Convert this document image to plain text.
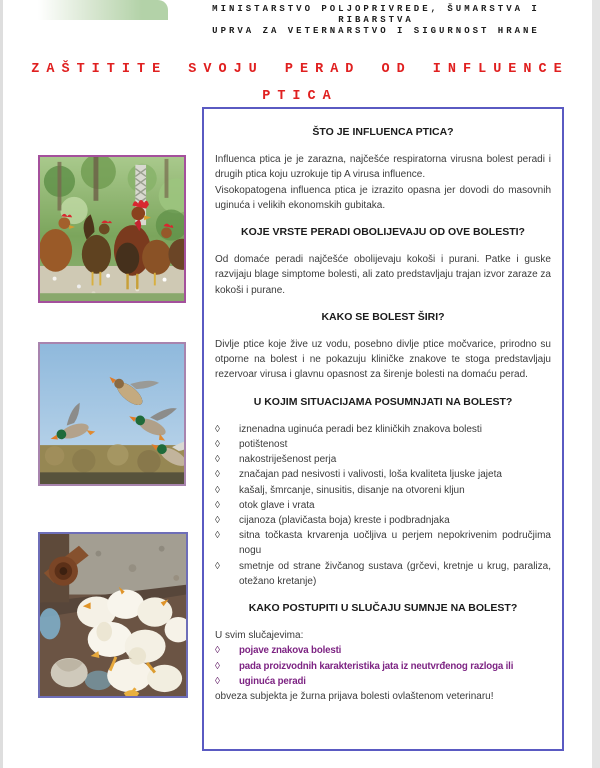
MINISTARSTVO POLJOPRIVREDE, ŠUMARSTVA I
RIBARSTVA
UPRVA ZA VETERNARSTVO I SIGURNOST HRANE
ZAŠTITITE SVOJU PERAD OD INFLUENCE
PTICA
ŠTO JE INFLUENCA PTICA?

Influenca ptica je je zarazna, najčešće respiratorna virusna bolest peradi i drugih ptica koju uzrokuje tip A virusa influence.

Visokopatogena influenca ptica je izrazito opasna jer dovodi do masovnih uginuća i velikih ekonomskih gubitaka.

KOJE VRSTE PERADI OBOLIJEVAJU OD OVE BOLESTI?

Od domaće peradi najčešće obolijevaju kokoši i purani. Patke i guske razvijaju blage simptome bolesti, ali zato predstavljaju trajan izvor zaraze za kokoši i purane.

KAKO SE BOLEST ŠIRI?

Divlje ptice koje žive uz vodu, posebno divlje ptice močvarice, prirodno su otporne na bolest i ne pokazuju kliničke znakove te stoga predstavljaju rezervoar virusa i glavnu opasnost za širenje bolesti na domaću perad.

U KOJIM SITUACIJAMA POSUMNJATI NA BOLEST?
◊	iznenadna uginuća peradi bez kliničkih znakova bolesti
◊	potištenost
◊	nakostriješenost perja
◊	značajan pad nesivosti i valivosti, loša kvaliteta ljuske jajeta
◊	kašalj, šmrcanje, sinusitis, disanje na otvoreni kljun
◊	otok glave i vrata
◊	cijanoza (plavičasta boja) kreste i podbradnjaka
◊	sitna točkasta krvarenja uočljiva u perjem nepokrivenim područjima nogu
◊	smetnje od strane živčanog sustava (grčevi, kretnje u krug, paraliza, otežano kretanje)
KAKO POSTUPITI U SLUČAJU SUMNJE NA BOLEST?

U svim slučajevima:

◊	pojave znakova bolesti
◊	pada proizvodnih karakteristika jata iz neutvrđenog razloga ili
◊	uginuća peradi

obveza subjekta je žurna prijava bolesti ovlaštenom veterinaru!
